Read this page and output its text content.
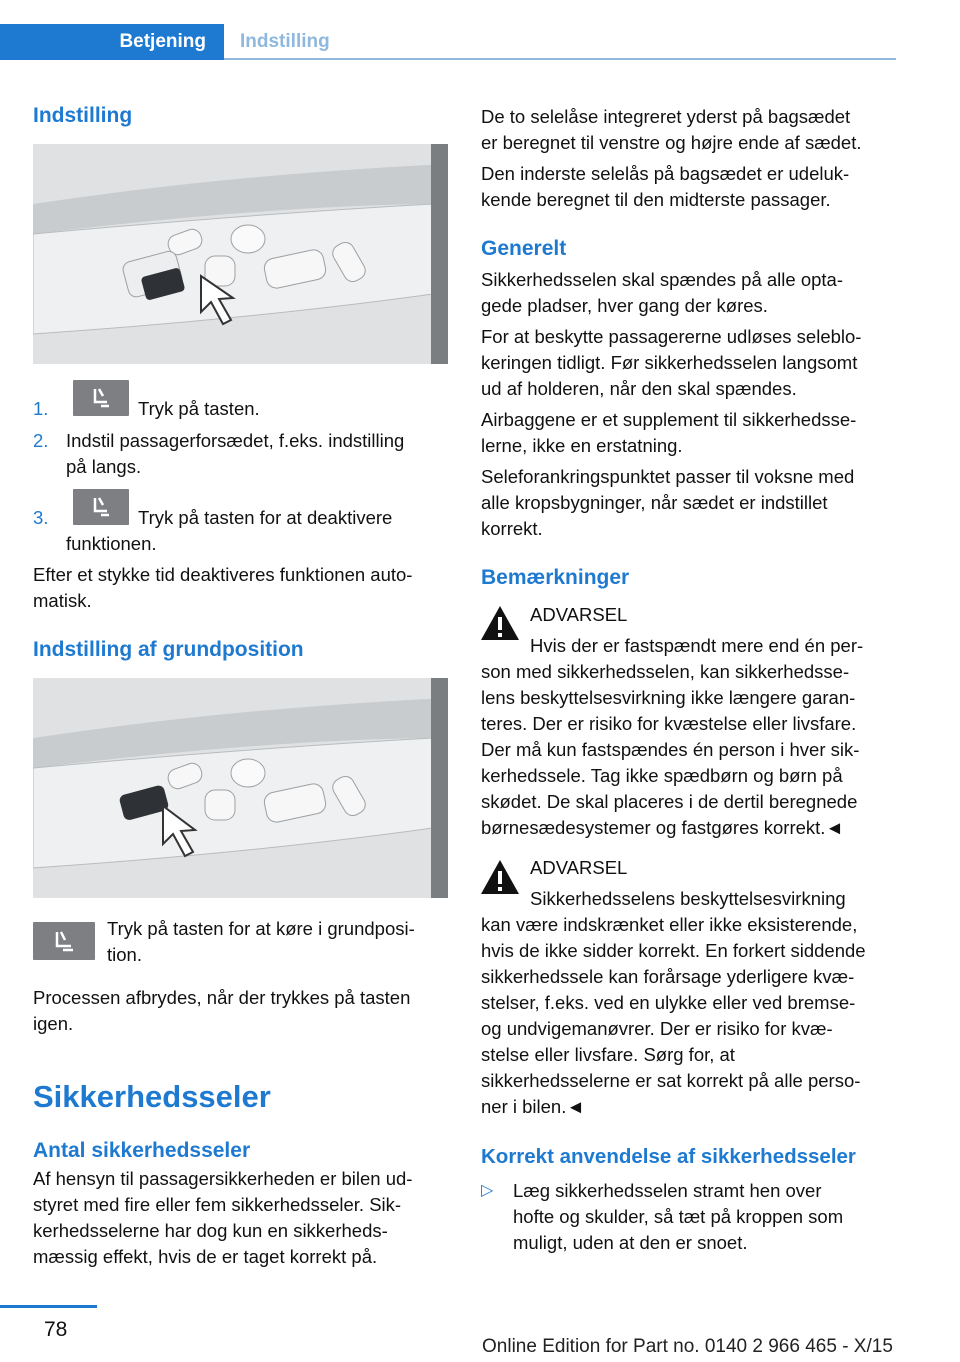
Betjening	Indstilling
Indstilling
1.	Tryk på tasten.
2. Indstil passagerforsædet, f.eks. indstilling
på langs.
3.	Tryk på tasten for at deaktivere
funktionen.
Efter et stykke tid deaktiveres funktionen auto‐
matisk.
Indstilling af grundposition
Tryk på tasten for at køre i grundposi‐
tion.
Processen afbrydes, når der trykkes på tasten
igen.
Sikkerhedsseler
Antal sikkerhedsseler
Af hensyn til passagersikkerheden er bilen ud‐
styret med fire eller fem sikkerhedsseler. Sik‐
kerhedsselerne har dog kun en sikkerheds‐
mæssig effekt, hvis de er taget korrekt på.
De to selelåse integreret yderst på bagsædet
er beregnet til venstre og højre ende af sædet.
Den inderste selelås på bagsædet er udeluk‐
kende beregnet til den midterste passager.
Generelt
Sikkerhedsselen skal spændes på alle opta‐
gede pladser, hver gang der køres.
For at beskytte passagererne udløses seleblo‐
keringen tidligt. Før sikkerhedsselen langsomt
ud af holderen, når den skal spændes.
Airbaggene er et supplement til sikkerhedsse‐
lerne, ikke en erstatning.
Seleforankringspunktet passer til voksne med
alle kropsbygninger, når sædet er indstillet
korrekt.
Bemærkninger
ADVARSEL
Hvis der er fastspændt mere end én per‐
son med sikkerhedsselen, kan sikkerhedsse‐
lens beskyttelsesvirkning ikke længere garan‐
teres. Der er risiko for kvæstelse eller livsfare.
Der må kun fastspændes én person i hver sik‐
kerhedssele. Tag ikke spædbørn og børn på
skødet. De skal placeres i de dertil beregnede
børnesædesystemer og fastgøres korrekt.◄
ADVARSEL
Sikkerhedsselens beskyttelsesvirkning
kan være indskrænket eller ikke eksisterende,
hvis de ikke sidder korrekt. En forkert siddende
sikkerhedssele kan forårsage yderligere kvæ‐
stelser, f.eks. ved en ulykke eller ved bremse‐
og undvigemanøvrer. Der er risiko for kvæ‐
stelse eller livsfare. Sørg for, at
sikkerhedsselerne er sat korrekt på alle perso‐
ner i bilen.◄
Korrekt anvendelse af sikkerhedsseler
▷ Læg sikkerhedsselen stramt hen over
hofte og skulder, så tæt på kroppen som
muligt, uden at den er snoet.
78
Online Edition for Part no. 0140 2 966 465 - X/15
